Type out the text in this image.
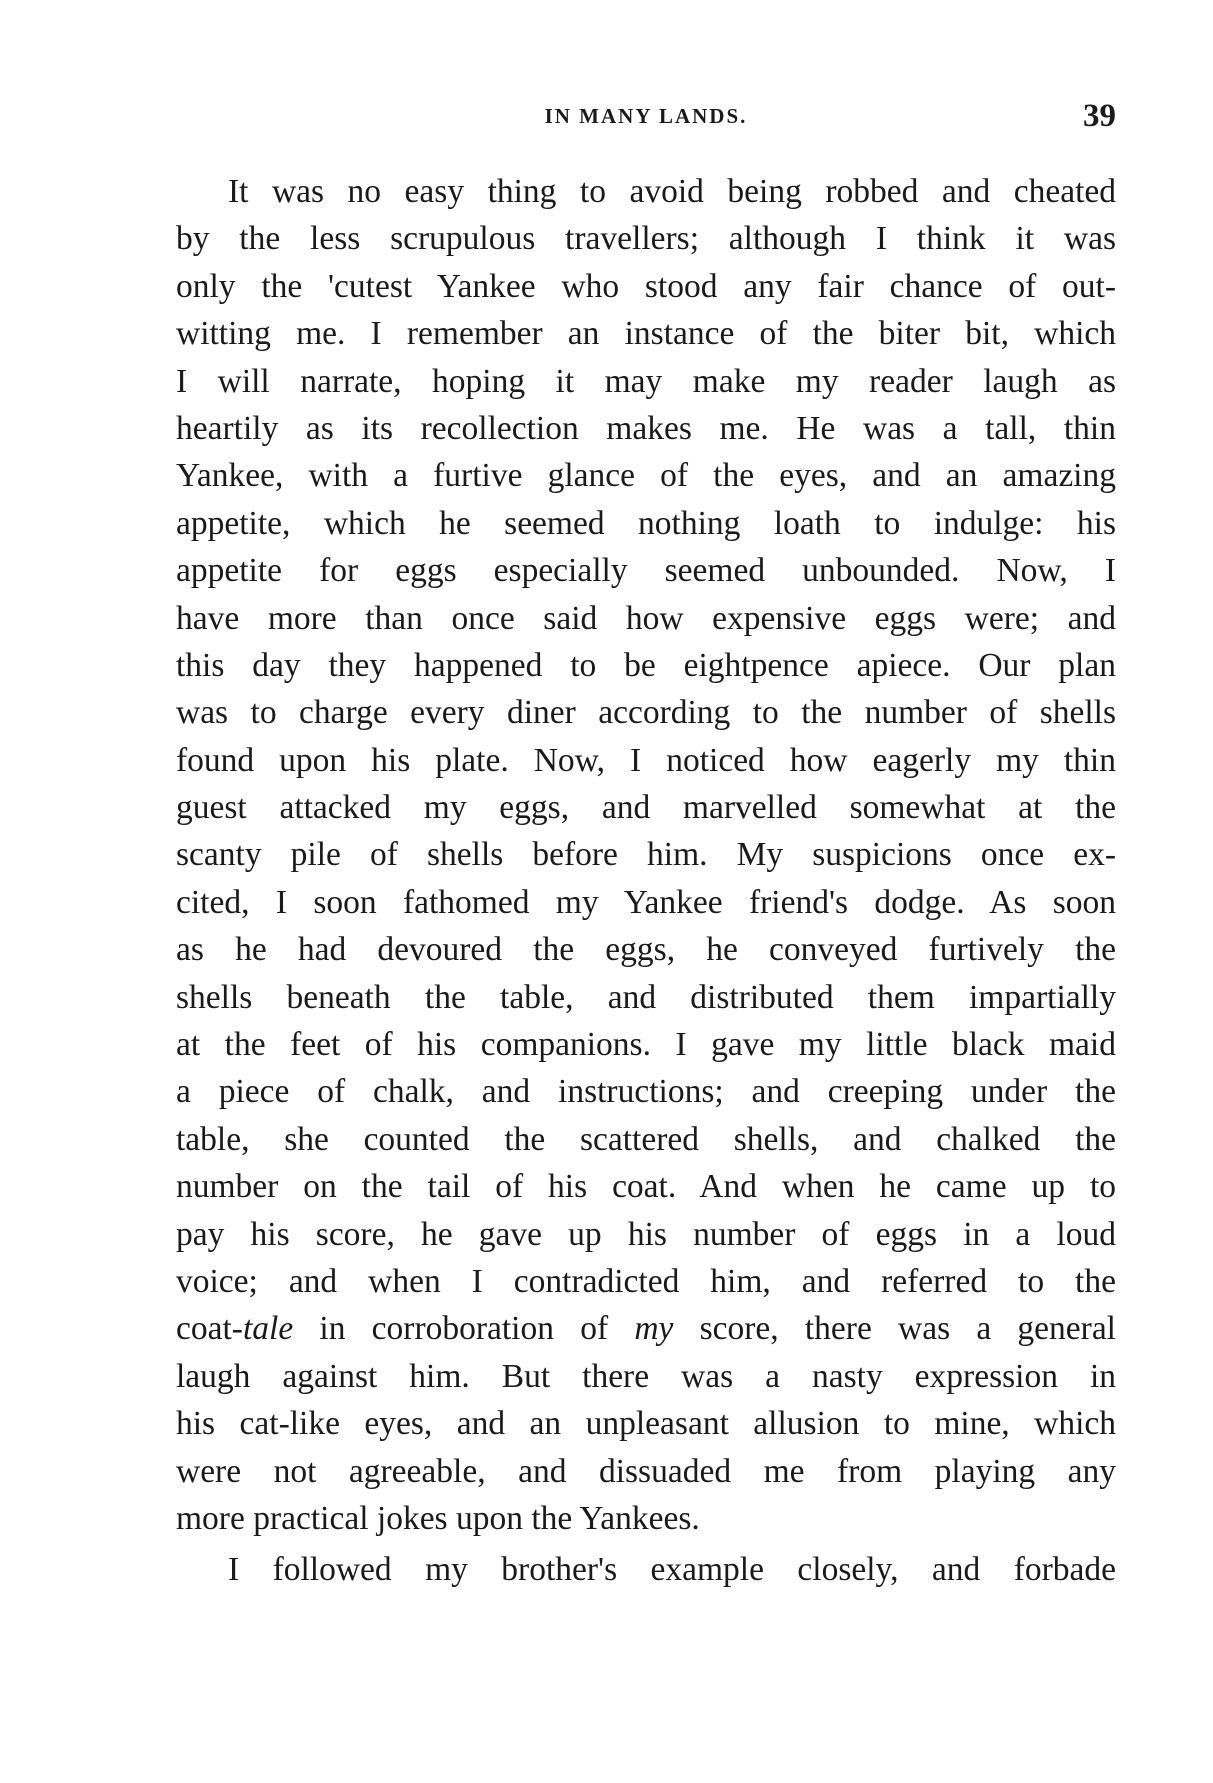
IN MANY LANDS.	39
It was no easy thing to avoid being robbed and cheated
by the less scrupulous travellers; although I think it was
only the 'cutest Yankee who stood any fair chance of out-
witting me. I remember an instance of the biter bit, which
I will narrate, hoping it may make my reader laugh as
heartily as its recollection makes me. He was a tall, thin
Yankee, with a furtive glance of the eyes, and an amazing
appetite, which he seemed nothing loath to indulge: his
appetite for eggs especially seemed unbounded. Now, I
have more than once said how expensive eggs were; and
this day they happened to be eightpence apiece. Our plan
was to charge every diner according to the number of shells
found upon his plate. Now, I noticed how eagerly my thin
guest attacked my eggs, and marvelled somewhat at the
scanty pile of shells before him. My suspicions once ex-
cited, I soon fathomed my Yankee friend's dodge. As soon
as he had devoured the eggs, he conveyed furtively the
shells beneath the table, and distributed them impartially
at the feet of his companions. I gave my little black maid
a piece of chalk, and instructions; and creeping under the
table, she counted the scattered shells, and chalked the
number on the tail of his coat. And when he came up to
pay his score, he gave up his number of eggs in a loud
voice; and when I contradicted him, and referred to the
coat-tale in corroboration of my score, there was a general
laugh against him. But there was a nasty expression in
his cat-like eyes, and an unpleasant allusion to mine, which
were not agreeable, and dissuaded me from playing any
more practical jokes upon the Yankees.
I followed my brother's example closely, and forbade
